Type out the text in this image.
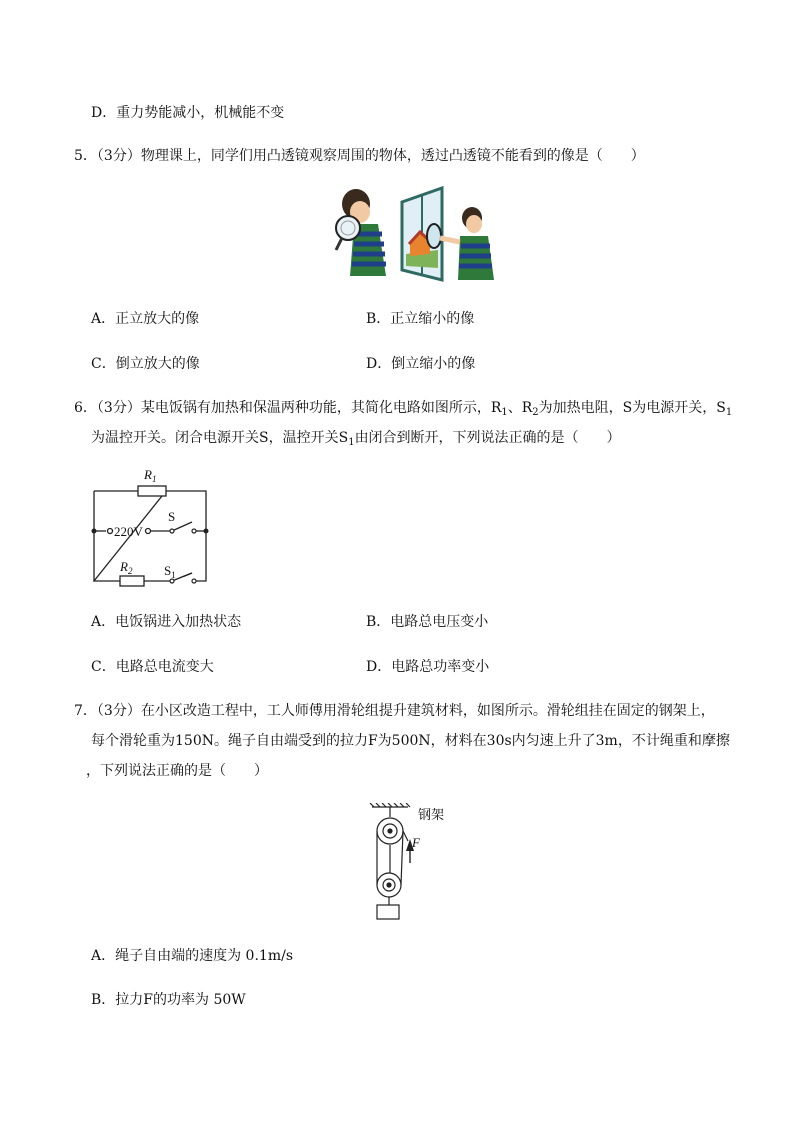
D．重力势能减小，机械能不变
5．（3分）物理课上，同学们用凸透镜观察周围的物体，透过凸透镜不能看到的像是（　　）
A．正立放大的像	B．正立缩小的像
C．倒立放大的像	D．倒立缩小的像
6．（3分）某电饭锅有加热和保温两种功能，其简化电路如图所示，$R_1$、$R_2$为加热电阻，S为电源开关，$S_1$
为温控开关。闭合电源开关S，温控开关$S_1$由闭合到断开，下列说法正确的是（　　）
$R_1$
220V
S
$R_2$ $S_1$
A．电饭锅进入加热状态	B．电路总电压变小
C．电路总电流变大	D．电路总功率变小
7．（3分）在小区改造工程中，工人师傅用滑轮组提升建筑材料，如图所示。滑轮组挂在固定的钢架上，
每个滑轮重为150N。绳子自由端受到的拉力F为500N，材料在30s内匀速上升了3m，不计绳重和摩擦
，下列说法正确的是（　　）
钢架
F
A．绳子自由端的速度为 0.1m/s
B．拉力F的功率为 50W
